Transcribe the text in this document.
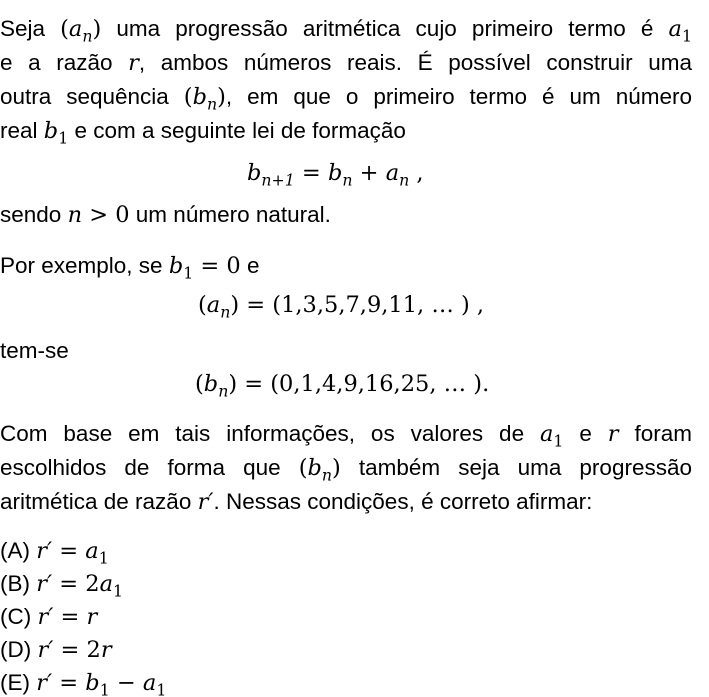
Seja $(a_n)$ uma progressão aritmética cujo primeiro termo é $a_1$
e a razão r, ambos números reais. É possível construir uma
outra sequência $(b_n)$, em que o primeiro termo é um número
real $b_1$ e com a seguinte lei de formação
$b_{n+1} = b_n + a_n$ ,
sendo n > 0 um número natural.
Por exemplo, se $b_1 = 0$ e
$(a_n) = (1,3,5,7,9,11$, … ) ,
tem-se
$(b_n) = (0,1,4,9,16,25$, … ).
Com base em tais informações, os valores de $a_1$ e r foram
escolhidos de forma que $(b_n)$ também seja uma progressão
aritmética de razão r′. Nessas condições, é correto afirmar:
(A) $r' = a_1$
(B) $r' = 2a_1$
(C) r′ = r
(D) r′ = 2r
(E) $r' = b_1 - a_1$
